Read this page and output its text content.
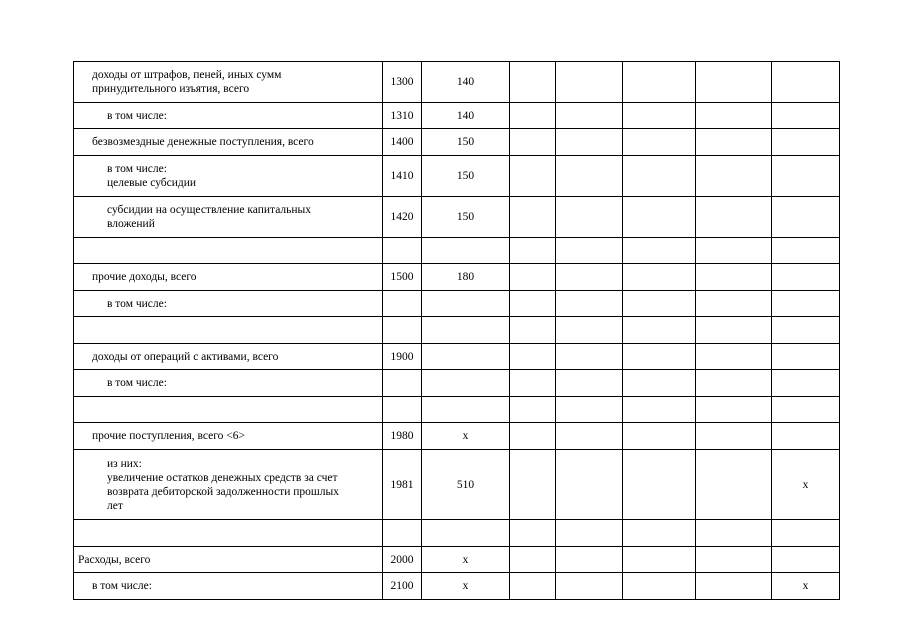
доходы от штрафов, пеней, иных сумм
принудительного изъятия, всего	1300	140					

в том числе:	1310	140					

безвозмездные денежные поступления, всего	1400	150					

в том числе:
целевые субсидии	1410	150					

субсидии на осуществление капитальных
вложений	1420	150					

прочие доходы, всего	1500	180					

в том числе:							

доходы от операций с активами, всего	1900						

в том числе:							

прочие поступления, всего <6>	1980	х					

из них:
увеличение остатков денежных средств за счет
возврата дебиторской задолженности прошлых
лет	1981	510					х

Расходы, всего	2000	х					

в том числе:	2100	х					х
